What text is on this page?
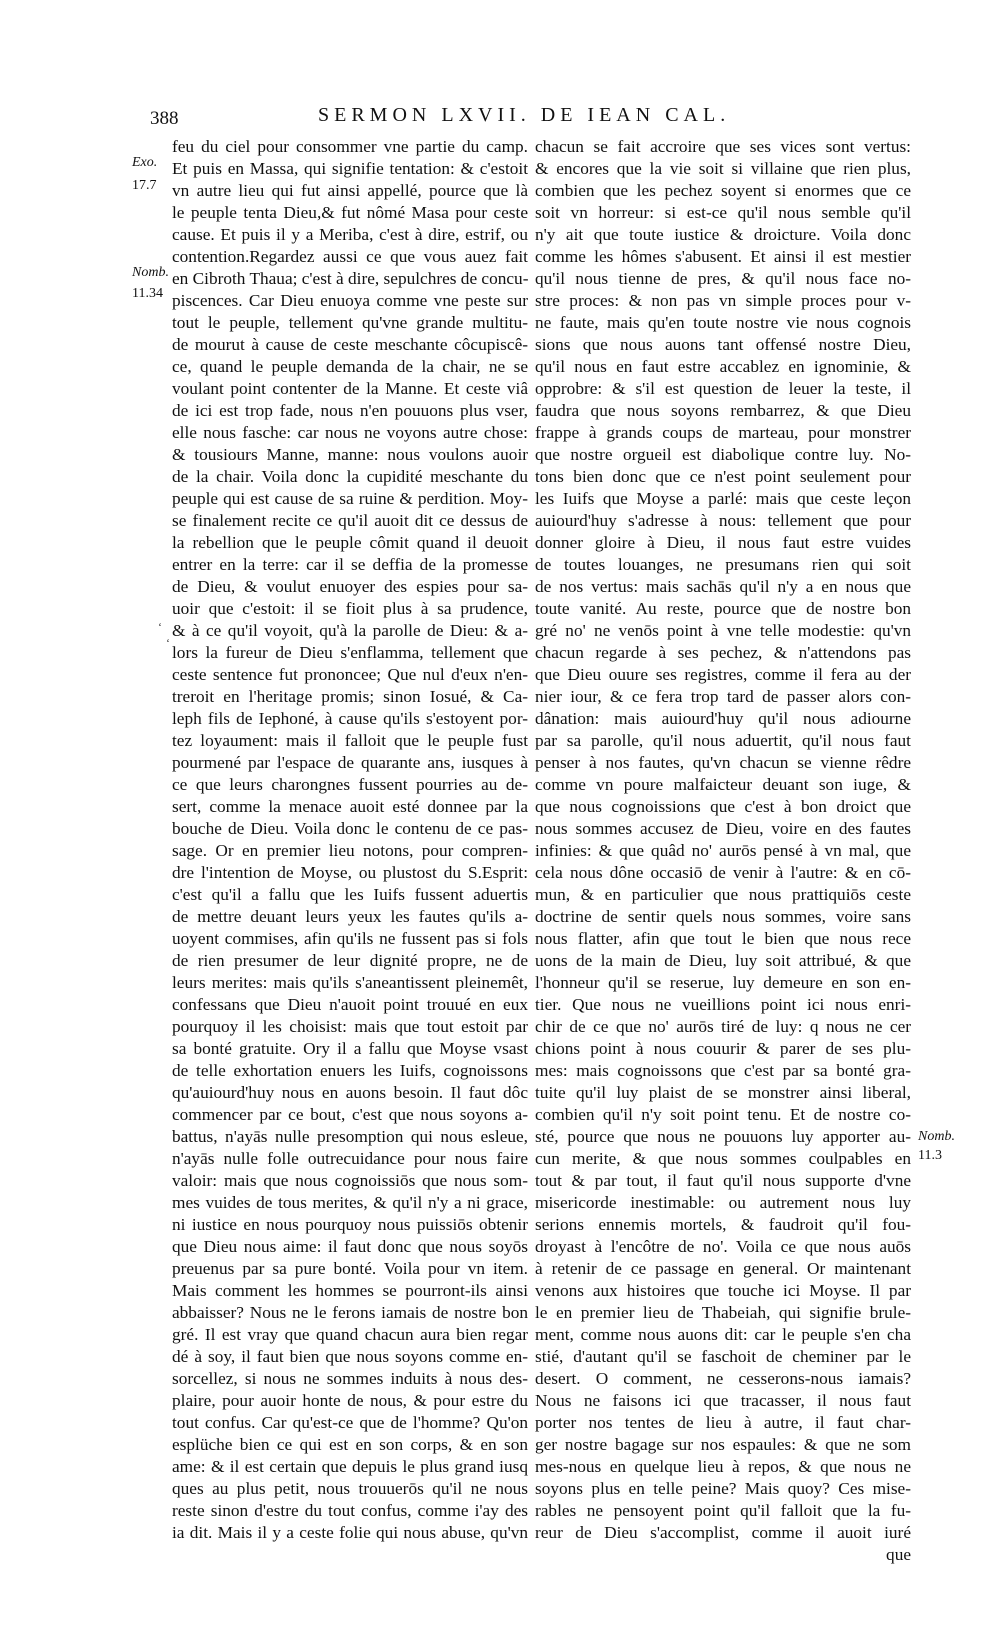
388	SERMON LXVII. DE IEAN CAL.
Exo.
17.7
Nomb.
11.34
Nomb.
11.3
‘
‘
feu du ciel pour consommer vne partie du camp.
Et puis en Massa, qui signifie tentation: & c'estoit
vn autre lieu qui fut ainsi appellé, pource que là
le peuple tenta Dieu,& fut nômé Masa pour ceste
cause. Et puis il y a Meriba, c'est à dire, estrif, ou
contention.Regardez aussi ce que vous auez fait
en Cibroth Thaua; c'est à dire, sepulchres de concu-
piscences. Car Dieu enuoya comme vne peste sur
tout le peuple, tellement qu'vne grande multitu-
de mourut à cause de ceste meschante côcupiscê-
ce, quand le peuple demanda de la chair, ne se
voulant point contenter de la Manne. Et ceste viâ
de ici est trop fade, nous n'en pouuons plus vser,
elle nous fasche: car nous ne voyons autre chose:
& tousiours Manne, manne: nous voulons auoir
de la chair. Voila donc la cupidité meschante du
peuple qui est cause de sa ruine & perdition. Moy-
se finalement recite ce qu'il auoit dit ce dessus de
la rebellion que le peuple cômit quand il deuoit
entrer en la terre: car il se deffia de la promesse
de Dieu, & voulut enuoyer des espies pour sa-
uoir que c'estoit: il se fioit plus à sa prudence,
& à ce qu'il voyoit, qu'à la parolle de Dieu: & a-
lors la fureur de Dieu s'enflamma, tellement que
ceste sentence fut prononcee; Que nul d'eux n'en-
treroit en l'heritage promis; sinon Iosué, & Ca-
leph fils de Iephoné, à cause qu'ils s'estoyent por-
tez loyaument: mais il falloit que le peuple fust
pourmené par l'espace de quarante ans, iusques à
ce que leurs charongnes fussent pourries au de-
sert, comme la menace auoit esté donnee par la
bouche de Dieu. Voila donc le contenu de ce pas-
sage. Or en premier lieu notons, pour compren-
dre l'intention de Moyse, ou plustost du S.Esprit:
c'est qu'il a fallu que les Iuifs fussent aduertis
de mettre deuant leurs yeux les fautes qu'ils a-
uoyent commises, afin qu'ils ne fussent pas si fols
de rien presumer de leur dignité propre, ne de
leurs merites: mais qu'ils s'aneantissent pleinemêt,
confessans que Dieu n'auoit point trouué en eux
pourquoy il les choisist: mais que tout estoit par
sa bonté gratuite. Ory il a fallu que Moyse vsast
de telle exhortation enuers les Iuifs, cognoissons
qu'auiourd'huy nous en auons besoin. Il faut dôc
commencer par ce bout, c'est que nous soyons a-
battus, n'ayās nulle presomption qui nous esleue,
n'ayās nulle folle outrecuidance pour nous faire
valoir: mais que nous cognoissiōs que nous som-
mes vuides de tous merites, & qu'il n'y a ni grace,
ni iustice en nous pourquoy nous puissiōs obtenir
que Dieu nous aime: il faut donc que nous soyōs
preuenus par sa pure bonté. Voila pour vn item.
Mais comment les hommes se pourront-ils ainsi
abbaisser? Nous ne le ferons iamais de nostre bon
gré. Il est vray que quand chacun aura bien regar
dé à soy, il faut bien que nous soyons comme en-
sorcellez, si nous ne sommes induits à nous des-
plaire, pour auoir honte de nous, & pour estre du
tout confus. Car qu'est-ce que de l'homme? Qu'on
esplüche bien ce qui est en son corps, & en son
ame: & il est certain que depuis le plus grand iusq
ques au plus petit, nous trouuerōs qu'il ne nous
reste sinon d'estre du tout confus, comme i'ay des
ia dit. Mais il y a ceste folie qui nous abuse, qu'vn
chacun se fait accroire que ses vices sont vertus:
& encores que la vie soit si villaine que rien plus,
combien que les pechez soyent si enormes que ce
soit vn horreur: si est-ce qu'il nous semble qu'il
n'y ait que toute iustice & droicture. Voila donc
comme les hômes s'abusent. Et ainsi il est mestier
qu'il nous tienne de pres, & qu'il nous face no-
stre proces: & non pas vn simple proces pour v-
ne faute, mais qu'en toute nostre vie nous cognois
sions que nous auons tant offensé nostre Dieu,
qu'il nous en faut estre accablez en ignominie, &
opprobre: & s'il est question de leuer la teste, il
faudra que nous soyons rembarrez, & que Dieu
frappe à grands coups de marteau, pour monstrer
que nostre orgueil est diabolique contre luy. No-
tons bien donc que ce n'est point seulement pour
les Iuifs que Moyse a parlé: mais que ceste leçon
auiourd'huy s'adresse à nous: tellement que pour
donner gloire à Dieu, il nous faut estre vuides
de toutes louanges, ne presumans rien qui soit
de nos vertus: mais sachās qu'il n'y a en nous que
toute vanité. Au reste, pource que de nostre bon
gré no' ne venōs point à vne telle modestie: qu'vn
chacun regarde à ses pechez, & n'attendons pas
que Dieu ouure ses registres, comme il fera au der
nier iour, & ce fera trop tard de passer alors con-
dânation: mais auiourd'huy qu'il nous adiourne
par sa parolle, qu'il nous aduertit, qu'il nous faut
penser à nos fautes, qu'vn chacun se vienne rêdre
comme vn poure malfaicteur deuant son iuge, &
que nous cognoissions que c'est à bon droict que
nous sommes accusez de Dieu, voire en des fautes
infinies: & que quâd no' aurōs pensé à vn mal, que
cela nous dône occasiō de venir à l'autre: & en cō-
mun, & en particulier que nous prattiquiōs ceste
doctrine de sentir quels nous sommes, voire sans
nous flatter, afin que tout le bien que nous rece
uons de la main de Dieu, luy soit attribué, & que
l'honneur qu'il se reserue, luy demeure en son en-
tier. Que nous ne vueillions point ici nous enri-
chir de ce que no' aurōs tiré de luy: q nous ne cer
chions point à nous couurir & parer de ses plu-
mes: mais cognoissons que c'est par sa bonté gra-
tuite qu'il luy plaist de se monstrer ainsi liberal,
combien qu'il n'y soit point tenu. Et de nostre co-
sté, pource que nous ne pouuons luy apporter au-
cun merite, & que nous sommes coulpables en
tout & par tout, il faut qu'il nous supporte d'vne
misericorde inestimable: ou autrement nous luy
serions ennemis mortels, & faudroit qu'il fou-
droyast à l'encôtre de no'. Voila ce que nous auōs
à retenir de ce passage en general. Or maintenant
venons aux histoires que touche ici Moyse. Il par
le en premier lieu de Thabeiah, qui signifie brule-
ment, comme nous auons dit: car le peuple s'en cha
stié, d'autant qu'il se faschoit de cheminer par le
desert. O comment, ne cesserons-nous iamais?
Nous ne faisons ici que tracasser, il nous faut
porter nos tentes de lieu à autre, il faut char-
ger nostre bagage sur nos espaules: & que ne som
mes-nous en quelque lieu à repos, & que nous ne
soyons plus en telle peine? Mais quoy? Ces mise-
rables ne pensoyent point qu'il falloit que la fu-
reur de Dieu s'accomplist, comme il auoit iuré
que
